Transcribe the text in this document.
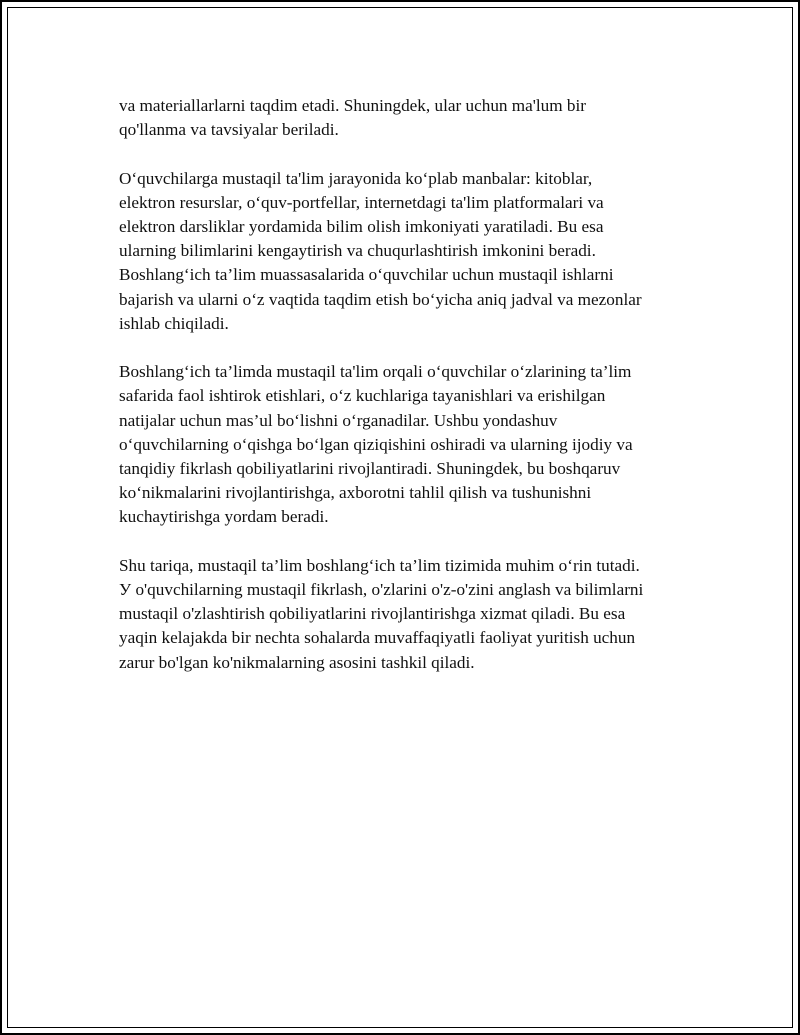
va materiallarlarni taqdim etadi. Shuningdek, ular uchun ma'lum bir
qo'llanma va tavsiyalar beriladi.

O‘quvchilarga mustaqil ta'lim jarayonida ko‘plab manbalar: kitoblar,
elektron resurslar, o‘quv-portfellar, internetdagi ta'lim platformalari va
elektron darsliklar yordamida bilim olish imkoniyati yaratiladi. Bu esa
ularning bilimlarini kengaytirish va chuqurlashtirish imkonini beradi.
Boshlang‘ich ta’lim muassasalarida o‘quvchilar uchun mustaqil ishlarni
bajarish va ularni o‘z vaqtida taqdim etish bo‘yicha aniq jadval va mezonlar
ishlab chiqiladi.

Boshlang‘ich ta’limda mustaqil ta'lim orqali o‘quvchilar o‘zlarining ta’lim
safarida faol ishtirok etishlari, o‘z kuchlariga tayanishlari va erishilgan
natijalar uchun mas’ul bo‘lishni o‘rganadilar. Ushbu yondashuv
o‘quvchilarning o‘qishga bo‘lgan qiziqishini oshiradi va ularning ijodiy va
tanqidiy fikrlash qobiliyatlarini rivojlantiradi. Shuningdek, bu boshqaruv
ko‘nikmalarini rivojlantirishga, axborotni tahlil qilish va tushunishni
kuchaytirishga yordam beradi.

Shu tariqa, mustaqil ta’lim boshlang‘ich ta’lim tizimida muhim o‘rin tutadi.
У o'quvchilarning mustaqil fikrlash, o'zlarini o'z-o'zini anglash va bilimlarni
mustaqil o'zlashtirish qobiliyatlarini rivojlantirishga xizmat qiladi. Bu esa
yaqin kelajakda bir nechta sohalarda muvaffaqiyatli faoliyat yuritish uchun
zarur bo'lgan ko'nikmalarning asosini tashkil qiladi.
